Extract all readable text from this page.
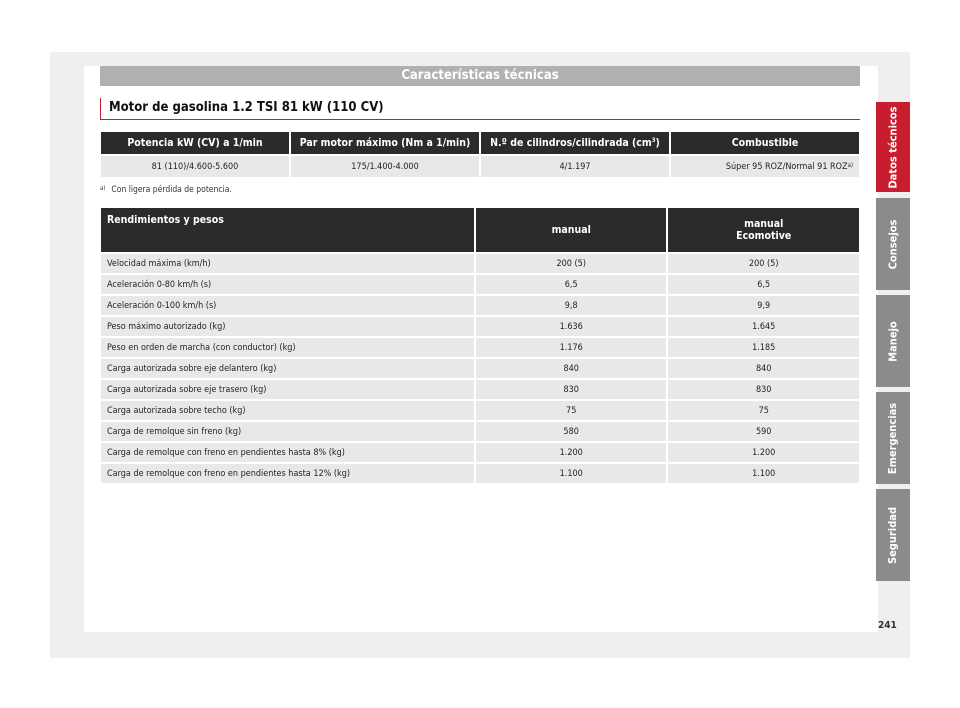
Características técnicas
Motor de gasolina 1.2 TSI 81 kW (110 CV)
Potencia kW (CV) a 1/min	Par motor máximo (Nm a 1/min)	N.º de cilindros/cilindrada $(cm^3)$	Combustible
81 (110)/4.600-5.600	175/1.400-4.000	4/1.197	Súper 95 ROZ/Normal 91 ROZ$^{a)}$
$^{a)}$ Con ligera pérdida de potencia.
Rendimientos y pesos	manual	manual
Ecomotive
Velocidad máxima (km/h)	200 (5)	200 (5)
Aceleración 0-80 km/h (s)	6,5	6,5
Aceleración 0-100 km/h (s)	9,8	9,9
Peso máximo autorizado (kg)	1.636	1.645
Peso en orden de marcha (con conductor) (kg)	1.176	1.185
Carga autorizada sobre eje delantero (kg)	840	840
Carga autorizada sobre eje trasero (kg)	830	830
Carga autorizada sobre techo (kg)	75	75
Carga de remolque sin freno (kg)	580	590
Carga de remolque con freno en pendientes hasta 8% (kg)	1.200	1.200
Carga de remolque con freno en pendientes hasta 12% (kg)	1.100	1.100
Datos técnicos
Consejos
Manejo
Emergencias
Seguridad
241
